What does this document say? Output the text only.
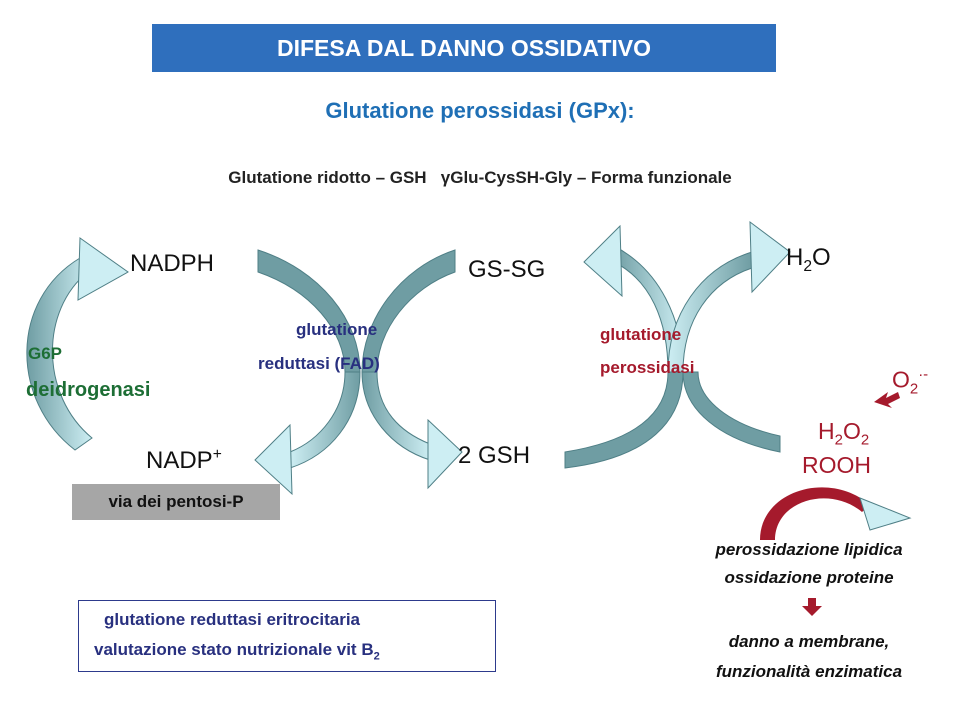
DIFESA DAL DANNO OSSIDATIVO
Glutatione perossidasi (GPx):
Glutatione ridotto – GSH γGlu-CysSH-Gly – Forma funzionale
NADPH
NADP+
G6P
deidrogenasi
via dei pentosi-P
GS-SG
2 GSH
glutatione
reduttasi (FAD)
$H_2O$
glutatione
perossidasi	$O_2^{\cdot-}$
$H_2O_2$
ROOH
perossidazione lipidica
ossidazione proteine
danno a membrane,
funzionalità enzimatica
glutatione reduttasi eritrocitaria
valutazione stato nutrizionale vit $B_2$
